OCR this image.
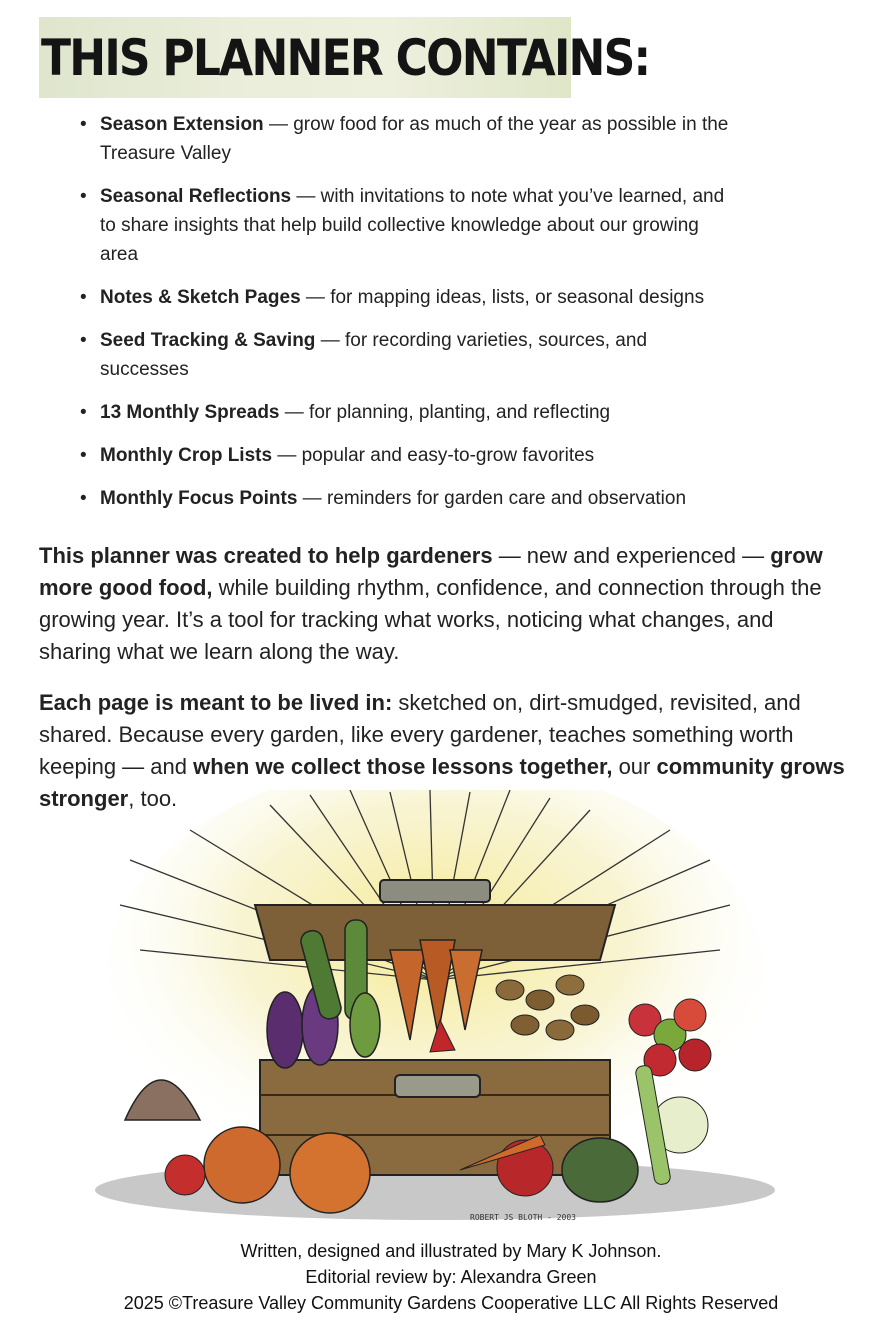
THIS PLANNER CONTAINS:
• Season Extension — grow food for as much of the year as possible in the Treasure Valley
• Seasonal Reflections — with invitations to note what you’ve learned, and to share insights that help build collective knowledge about our growing area
• Notes & Sketch Pages — for mapping ideas, lists, or seasonal designs
• Seed Tracking & Saving — for recording varieties, sources, and successes
• 13 Monthly Spreads — for planning, planting, and reflecting
• Monthly Crop Lists — popular and easy-to-grow favorites
• Monthly Focus Points — reminders for garden care and observation

This planner was created to help gardeners — new and experienced — grow more good food, while building rhythm, confidence, and connection through the growing year. It’s a tool for tracking what works, noticing what changes, and sharing what we learn along the way.

Each page is meant to be lived in: sketched on, dirt-smudged, revisited, and shared. Because every garden, like every gardener, teaches something worth keeping — and when we collect those lessons together, our community grows stronger, too.

ROBERT JS BLOTH - 2003
Written, designed and illustrated by Mary K Johnson.
Editorial review by: Alexandra Green
2025 ©Treasure Valley Community Gardens Cooperative LLC All Rights Reserved
